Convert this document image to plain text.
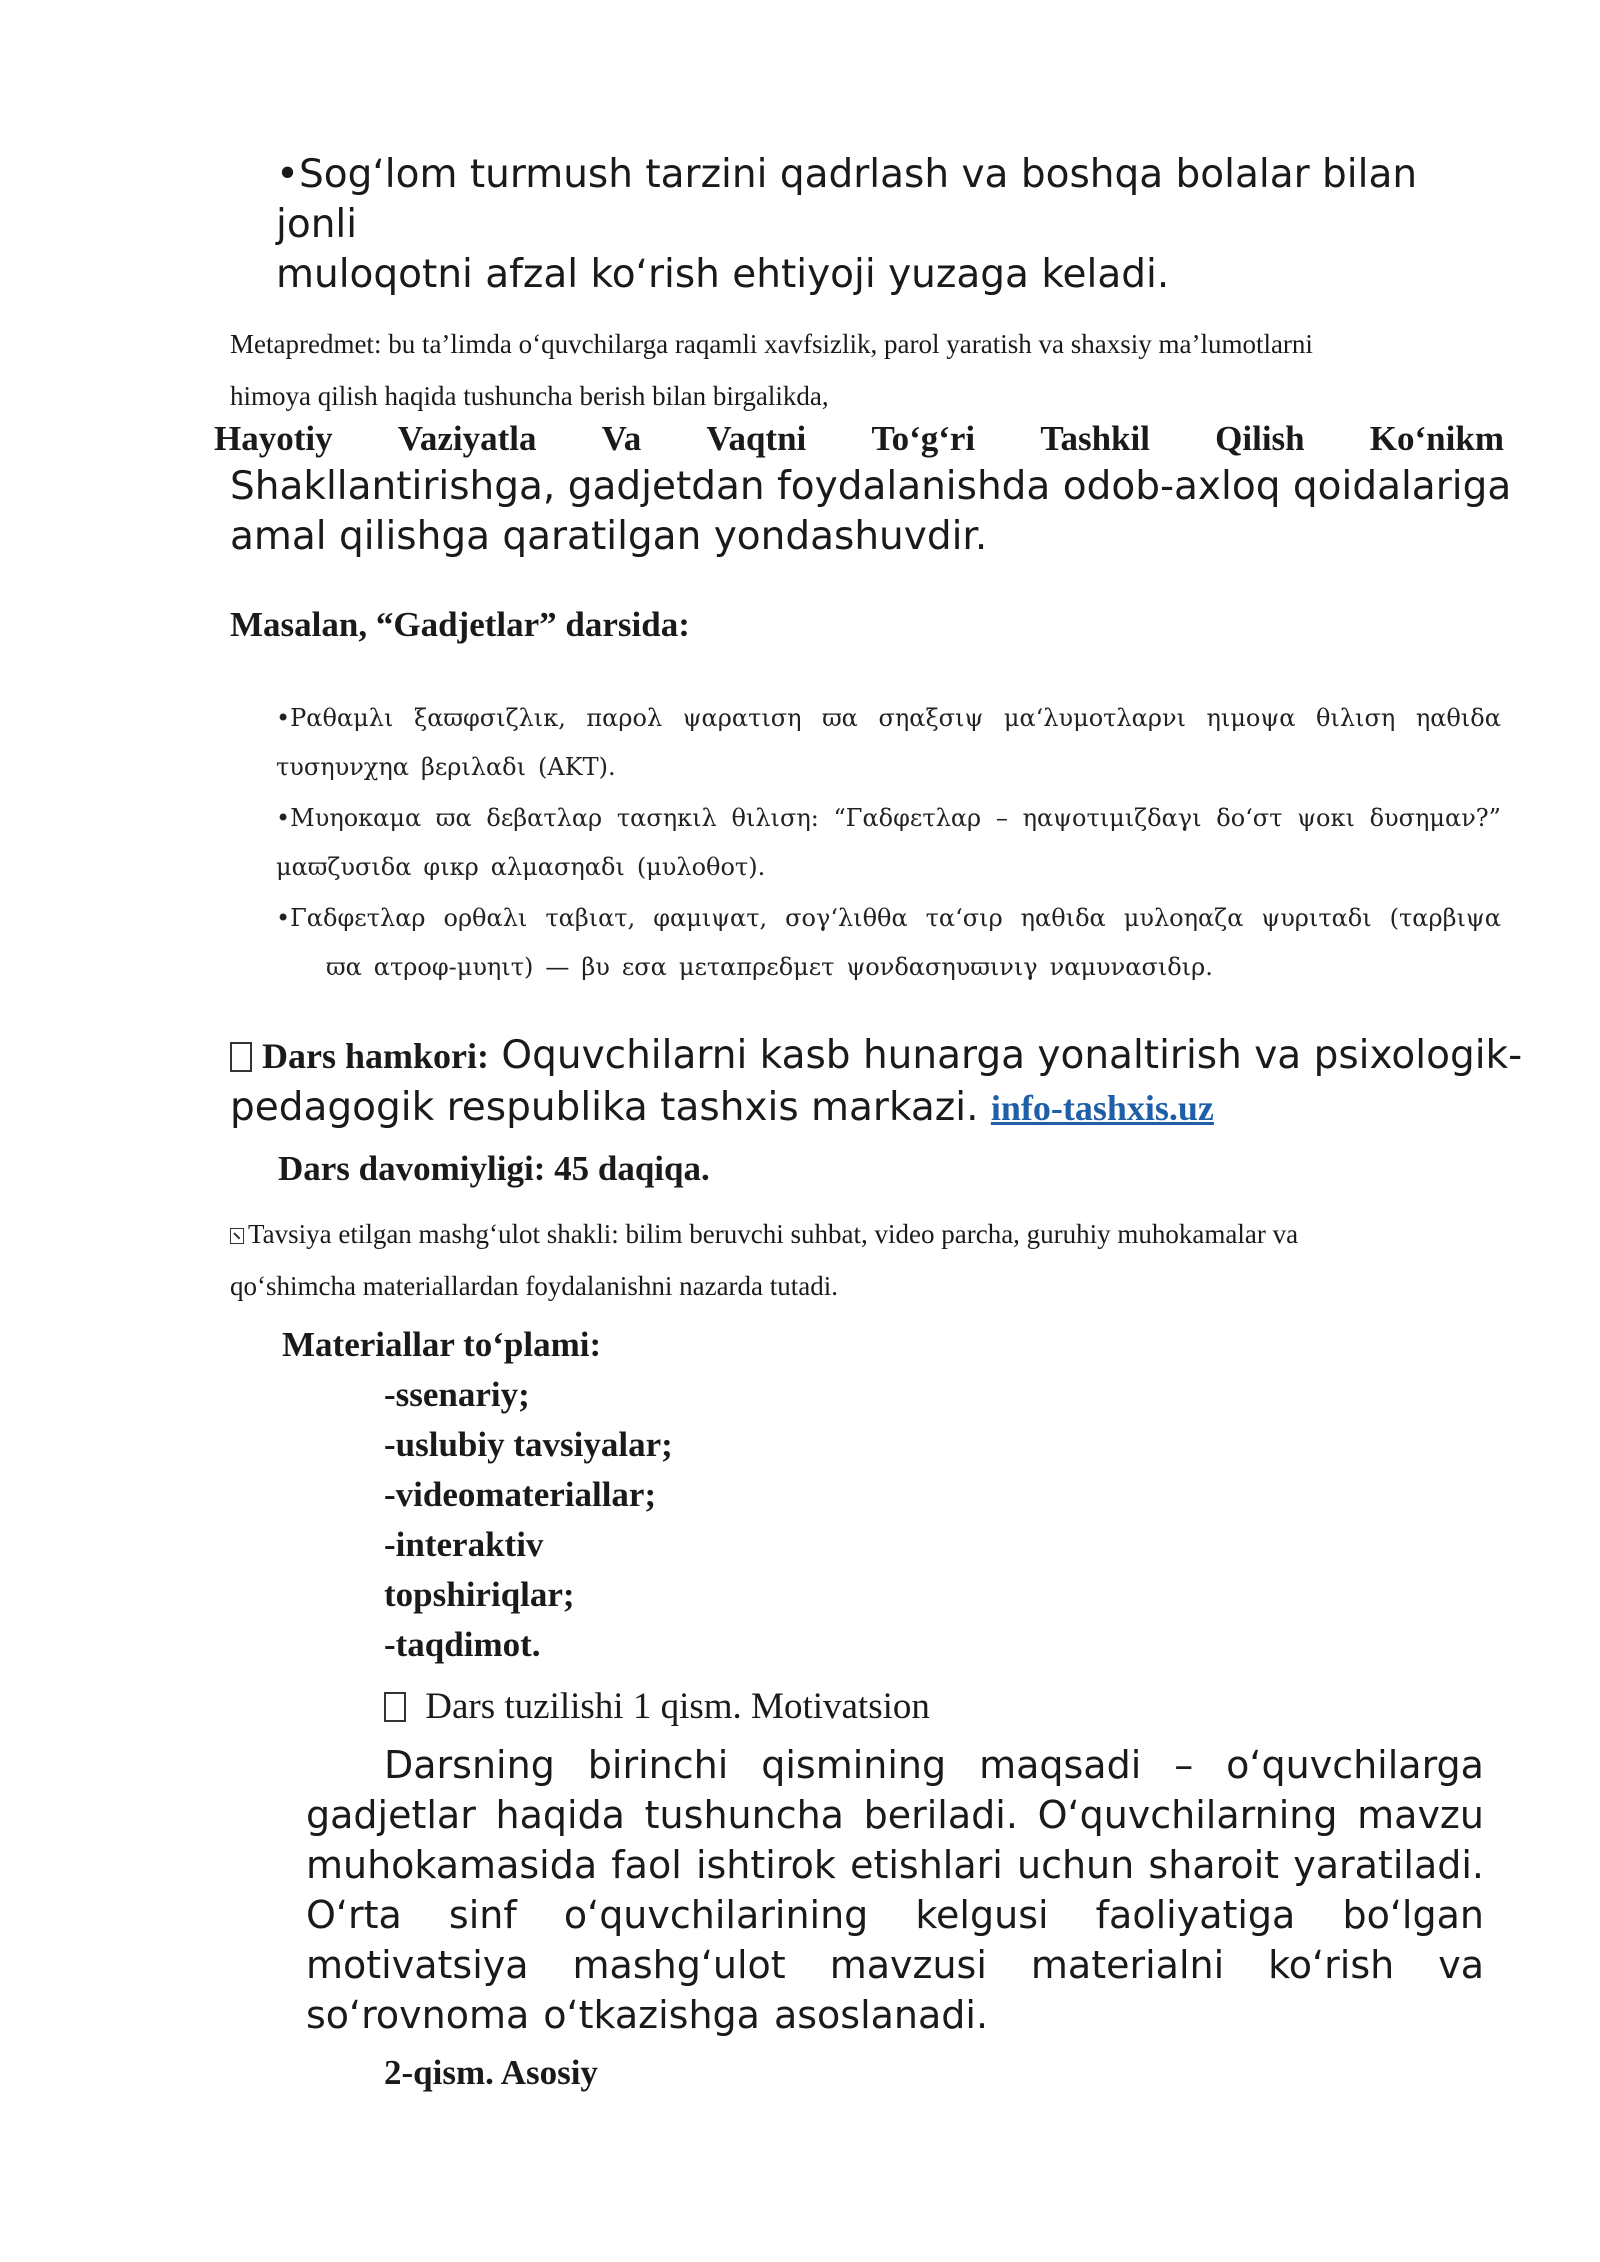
•Sog‘lom turmush tarzini qadrlash va boshqa bolalar bilan jonli
muloqotni afzal ko‘rish ehtiyoji yuzaga keladi.
Metapredmet: bu ta’limda o‘quvchilarga raqamli xavfsizlik, parol yaratish va shaxsiy ma’lumotlarni
himoya qilish haqida tushuncha berish bilan birgalikda,
Hayotiy Vaziyatla Va Vaqtni To‘g‘ri Tashkil Qilish Ko‘nikm
Shakllantirishga, gadjetdan foydalanishda odob-axloq qoidalariga
amal qilishga qaratilgan yondashuvdir.
Masalan, “Gadjetlar” darsida:
•Ραθαμλι ξαϖφσιζλικ, παρολ ψαρατιση ϖα σηαξσιψ μα‘λυμοτλαρνι ηιμοψα θιλιση ηαθιδα
τυσηυνχηα βεριλαδι (ΑΚΤ).
•Μυηοκαμα ϖα δεβατλαρ τασηκιλ θιλιση: “Γαδφετλαρ – ηαψοτιμιζδαγι δο‘στ ψοκι δυσημαν?”
μαϖζυσιδα φικρ αλμασηαδι (μυλοθοτ).
•Γαδφετλαρ ορθαλι ταβιατ, φαμιψατ, σογ‘λιθθα τα‘σιρ ηαθιδα μυλοηαζα ψυριταδι (ταρβιψα
ϖα ατροφ-μυηιτ) — βυ εσα μεταπρεδμετ ψονδασηυϖινιγ ναμυνασιδιρ.
Dars hamkori: Oquvchilarni kasb hunarga yonaltirish va psixologik-
pedagogik respublika tashxis markazi. info-tashxis.uz
Dars davomiyligi: 45 daqiqa.
Tavsiya etilgan mashg‘ulot shakli: bilim beruvchi suhbat, video parcha, guruhiy muhokamalar va
qo‘shimcha materiallardan foydalanishni nazarda tutadi.
Materiallar to‘plami:
-ssenariy;
-uslubiy tavsiyalar;
-videomateriallar;
-interaktiv
topshiriqlar;
-taqdimot.
Dars tuzilishi 1 qism. Motivatsion
Darsning birinchi qismining maqsadi – o‘quvchilarga
gadjetlar haqida tushuncha beriladi. O‘quvchilarning mavzu
muhokamasida faol ishtirok etishlari uchun sharoit yaratiladi.
O‘rta sinf o‘quvchilarining kelgusi faoliyatiga bo‘lgan
motivatsiya mashg‘ulot mavzusi materialni ko‘rish va
so‘rovnoma o‘tkazishga asoslanadi.
2-qism. Asosiy
